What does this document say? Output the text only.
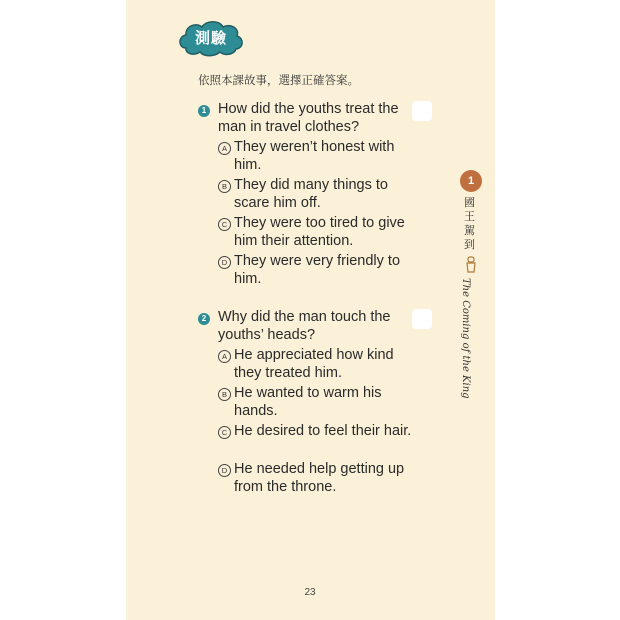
測驗
依照本課故事，選擇正確答案。
1 How did the youths treat the man in travel clothes?
A They weren’t honest with him.
B They did many things to scare him off.
C They were too tired to give him their attention.
D They were very friendly to him.
2 Why did the man touch the youths’ heads?
A He appreciated how kind they treated him.
B He wanted to warm his hands.
C He desired to feel their hair.
D He needed help getting up from the throne.
1
國王駕到
The Coming of the King
23
